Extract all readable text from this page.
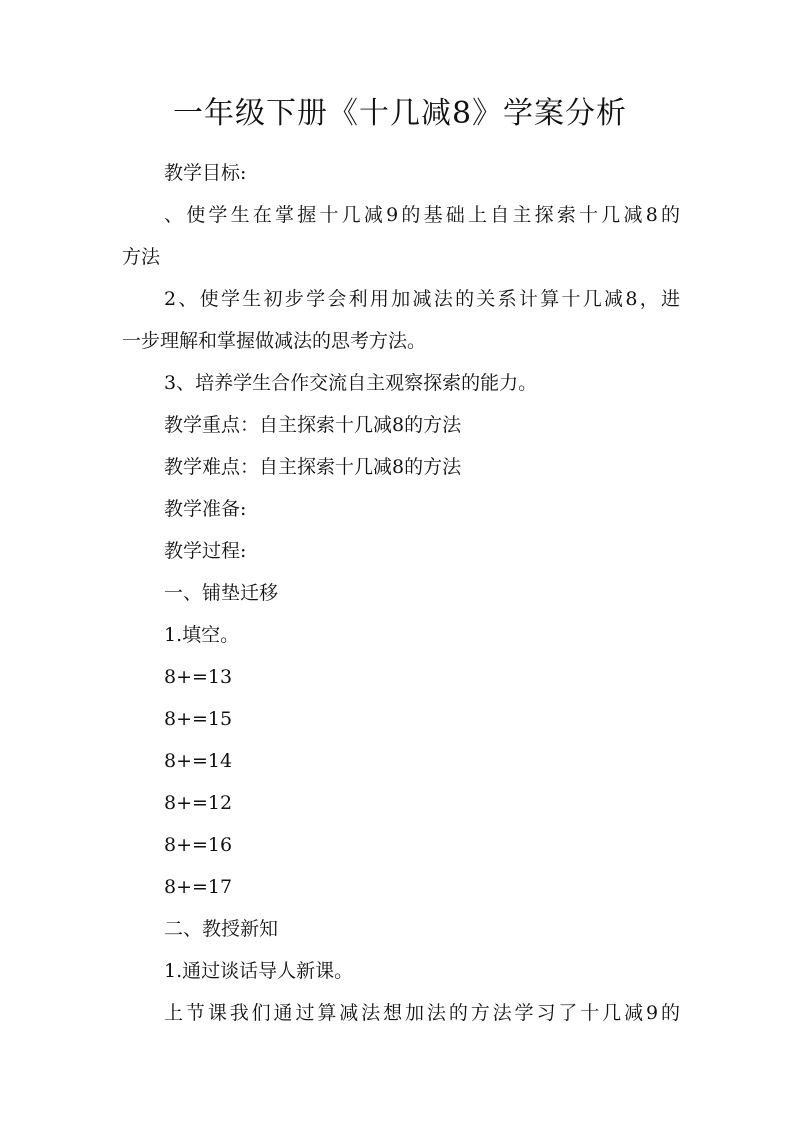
一年级下册《十几减8》学案分析
教学目标:
、使学生在掌握十几减9的基础上自主探索十几减8的
方法
2、使学生初步学会利用加减法的关系计算十几减8，进
一步理解和掌握做减法的思考方法。
3、培养学生合作交流自主观察探索的能力。
教学重点：自主探索十几减8的方法
教学难点：自主探索十几减8的方法
教学准备:
教学过程:
一、铺垫迁移
1.填空。
8+=13
8+=15
8+=14
8+=12
8+=16
8+=17
二、教授新知
1.通过谈话导人新课。
上节课我们通过算减法想加法的方法学习了十几减9的
